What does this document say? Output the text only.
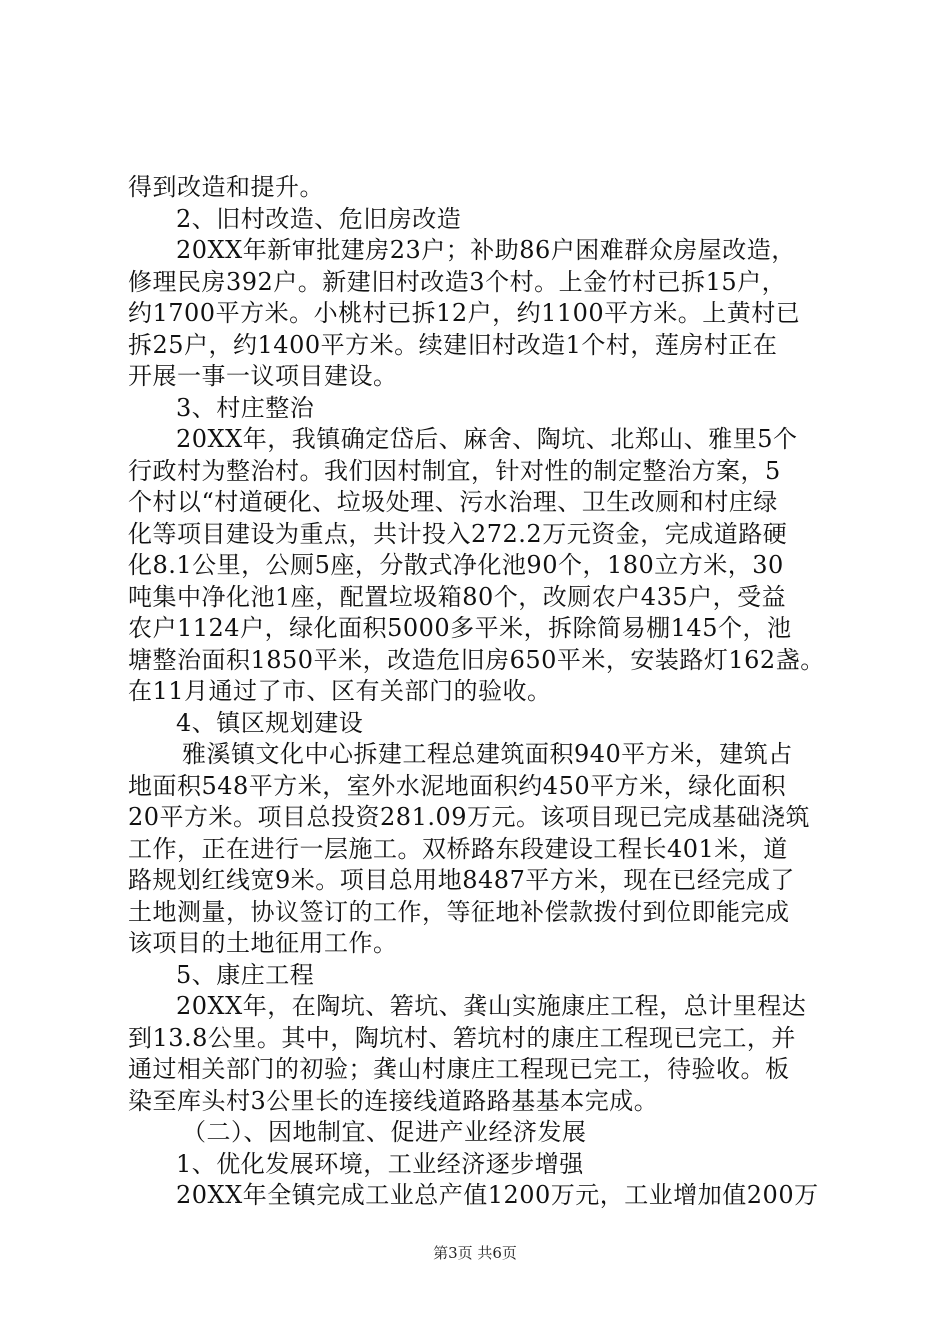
得到改造和提升。
2、旧村改造、危旧房改造
20XX年新审批建房23户；补助86户困难群众房屋改造，
修理民房392户。新建旧村改造3个村。上金竹村已拆15户，
约1700平方米。小桃村已拆12户，约1100平方米。上黄村已
拆25户，约1400平方米。续建旧村改造1个村，莲房村正在
开展一事一议项目建设。
3、村庄整治
20XX年，我镇确定岱后、麻舍、陶坑、北郑山、雅里5个
行政村为整治村。我们因村制宜，针对性的制定整治方案，5
个村以“村道硬化、垃圾处理、污水治理、卫生改厕和村庄绿
化等项目建设为重点，共计投入272.2万元资金，完成道路硬
化8.1公里，公厕5座，分散式净化池90个，180立方米，30
吨集中净化池1座，配置垃圾箱80个，改厕农户435户，受益
农户1124户，绿化面积5000多平米，拆除简易棚145个，池
塘整治面积1850平米，改造危旧房650平米，安装路灯162盏。
在11月通过了市、区有关部门的验收。
4、镇区规划建设
雅溪镇文化中心拆建工程总建筑面积940平方米，建筑占
地面积548平方米，室外水泥地面积约450平方米，绿化面积
20平方米。项目总投资281.09万元。该项目现已完成基础浇筑
工作，正在进行一层施工。双桥路东段建设工程长401米，道
路规划红线宽9米。项目总用地8487平方米，现在已经完成了
土地测量，协议签订的工作，等征地补偿款拨付到位即能完成
该项目的土地征用工作。
5、康庄工程
20XX年，在陶坑、箬坑、龚山实施康庄工程，总计里程达
到13.8公里。其中，陶坑村、箬坑村的康庄工程现已完工，并
通过相关部门的初验；龚山村康庄工程现已完工，待验收。板
染至库头村3公里长的连接线道路路基基本完成。
（二）、因地制宜、促进产业经济发展
1、优化发展环境，工业经济逐步增强
20XX年全镇完成工业总产值1200万元，工业增加值200万
第3页 共6页
